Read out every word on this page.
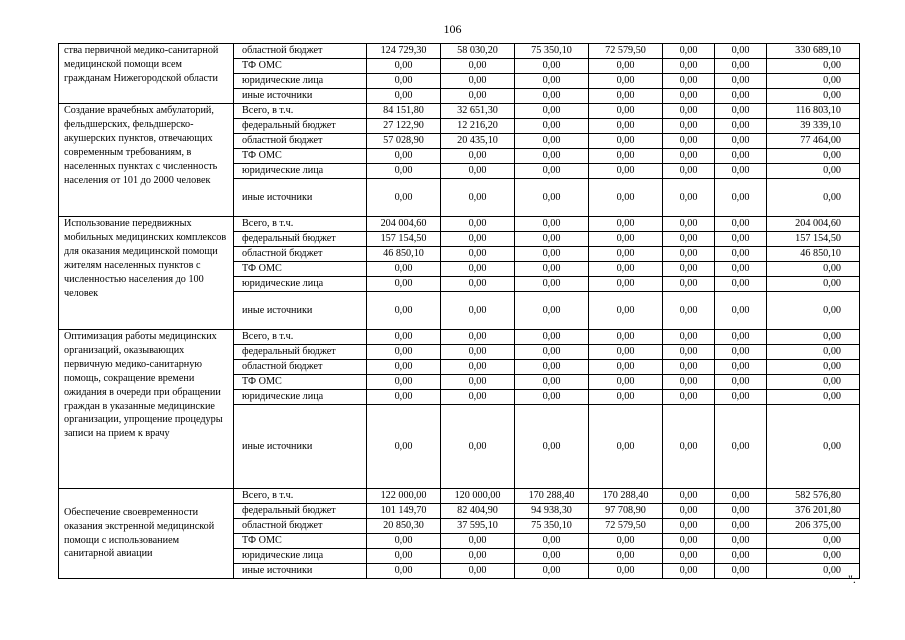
106
ства первичной медико-санитарной медицинской помощи всем гражданам Нижегородской области	областной бюджет	124 729,30	58 030,20	75 350,10	72 579,50	0,00	0,00	330 689,10
	ТФ ОМС	0,00	0,00	0,00	0,00	0,00	0,00	0,00
	юридические лица	0,00	0,00	0,00	0,00	0,00	0,00	0,00
	иные источники	0,00	0,00	0,00	0,00	0,00	0,00	0,00
Создание врачебных амбулаторий, фельдшерских, фельдшерско-акушерских пунктов, отвечающих современным требованиям, в населенных пунктах с численность населения от 101 до 2000 человек	Всего, в т.ч.	84 151,80	32 651,30	0,00	0,00	0,00	0,00	116 803,10
	федеральный бюджет	27 122,90	12 216,20	0,00	0,00	0,00	0,00	39 339,10
	областной бюджет	57 028,90	20 435,10	0,00	0,00	0,00	0,00	77 464,00
	ТФ ОМС	0,00	0,00	0,00	0,00	0,00	0,00	0,00
	юридические лица	0,00	0,00	0,00	0,00	0,00	0,00	0,00
	иные источники	0,00	0,00	0,00	0,00	0,00	0,00	0,00
Использование передвижных мобильных медицинских комплексов для оказания медицинской помощи жителям населенных пунктов с численностью населения до 100 человек	Всего, в т.ч.	204 004,60	0,00	0,00	0,00	0,00	0,00	204 004,60
	федеральный бюджет	157 154,50	0,00	0,00	0,00	0,00	0,00	157 154,50
	областной бюджет	46 850,10	0,00	0,00	0,00	0,00	0,00	46 850,10
	ТФ ОМС	0,00	0,00	0,00	0,00	0,00	0,00	0,00
	юридические лица	0,00	0,00	0,00	0,00	0,00	0,00	0,00
	иные источники	0,00	0,00	0,00	0,00	0,00	0,00	0,00
Оптимизация работы медицинских организаций, оказывающих первичную медико-санитарную помощь, сокращение времени ожидания в очереди при обращении граждан в указанные медицинские организации, упрощение процедуры записи на прием к врачу	Всего, в т.ч.	0,00	0,00	0,00	0,00	0,00	0,00	0,00
	федеральный бюджет	0,00	0,00	0,00	0,00	0,00	0,00	0,00
	областной бюджет	0,00	0,00	0,00	0,00	0,00	0,00	0,00
	ТФ ОМС	0,00	0,00	0,00	0,00	0,00	0,00	0,00
	юридические лица	0,00	0,00	0,00	0,00	0,00	0,00	0,00
	иные источники	0,00	0,00	0,00	0,00	0,00	0,00	0,00
Обеспечение своевременности оказания экстренной медицинской помощи с использованием санитарной авиации	Всего, в т.ч.	122 000,00	120 000,00	170 288,40	170 288,40	0,00	0,00	582 576,80
	федеральный бюджет	101 149,70	82 404,90	94 938,30	97 708,90	0,00	0,00	376 201,80
	областной бюджет	20 850,30	37 595,10	75 350,10	72 579,50	0,00	0,00	206 375,00
	ТФ ОМС	0,00	0,00	0,00	0,00	0,00	0,00	0,00
	юридические лица	0,00	0,00	0,00	0,00	0,00	0,00	0,00
	иные источники	0,00	0,00	0,00	0,00	0,00	0,00	0,00
".
